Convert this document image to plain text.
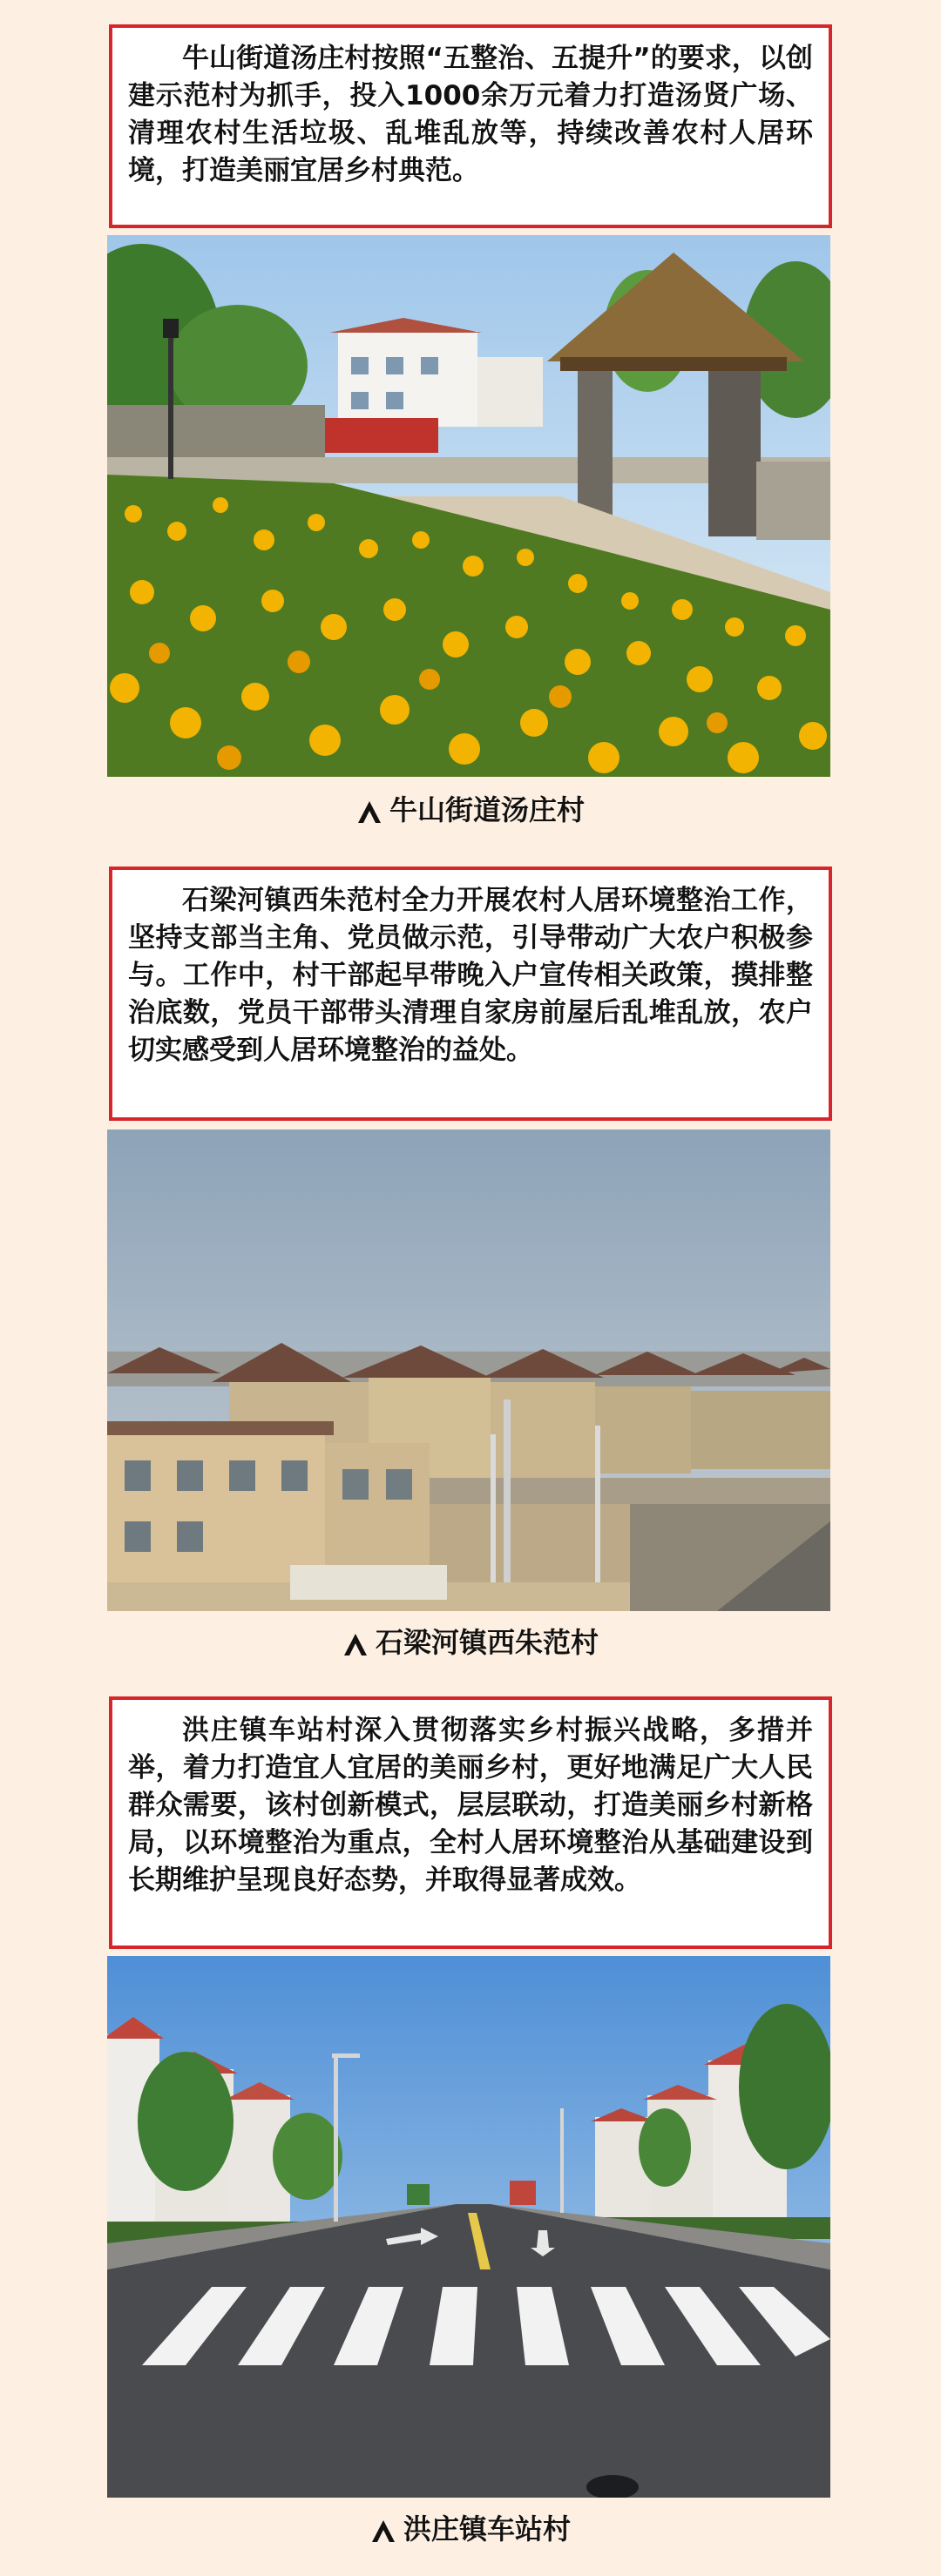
牛山街道汤庄村按照“五整治、五提升”的要求，以创建示范村为抓手，投入1000余万元着力打造汤贤广场、清理农村生活垃圾、乱堆乱放等，持续改善农村人居环境，打造美丽宜居乡村典范。
牛山街道汤庄村
石梁河镇西朱范村全力开展农村人居环境整治工作，坚持支部当主角、党员做示范，引导带动广大农户积极参与。工作中，村干部起早带晚入户宣传相关政策，摸排整治底数，党员干部带头清理自家房前屋后乱堆乱放，农户切实感受到人居环境整治的益处。
石梁河镇西朱范村
洪庄镇车站村深入贯彻落实乡村振兴战略，多措并举，着力打造宜人宜居的美丽乡村，更好地满足广大人民群众需要，该村创新模式，层层联动，打造美丽乡村新格局，以环境整治为重点，全村人居环境整治从基础建设到长期维护呈现良好态势，并取得显著成效。
洪庄镇车站村
